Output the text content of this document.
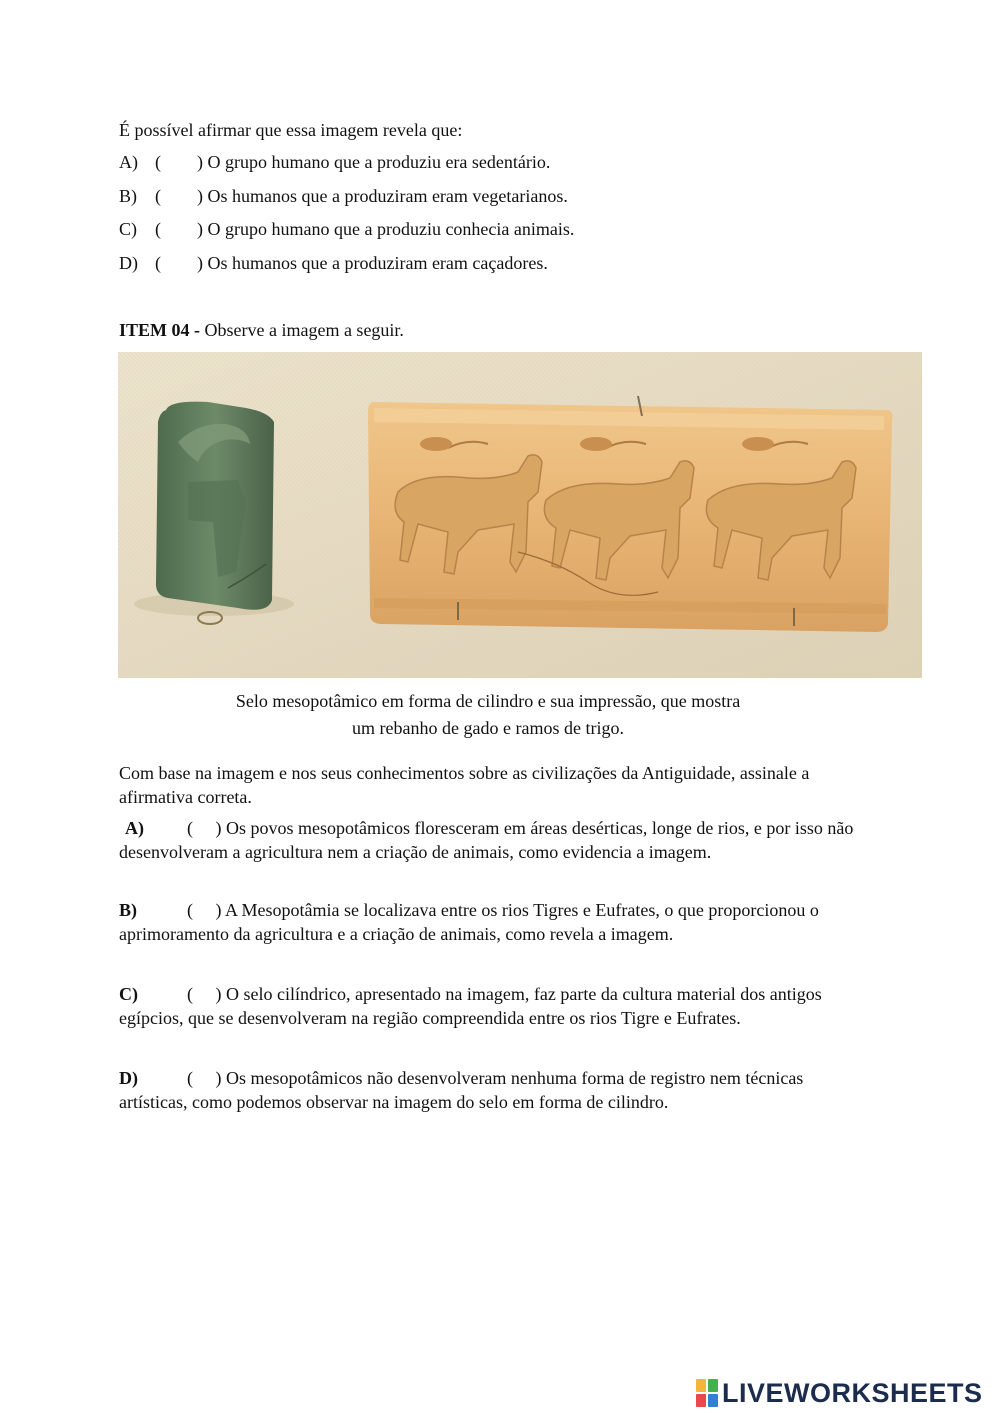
É possível afirmar que essa imagem revela que:
A) ( ) O grupo humano que a produziu era sedentário.
B) ( ) Os humanos que a produziram eram vegetarianos.
C) ( ) O grupo humano que a produziu conhecia animais.
D) ( ) Os humanos que a produziram eram caçadores.
ITEM 04 - Observe a imagem a seguir.
Selo mesopotâmico em forma de cilindro e sua impressão, que mostra
um rebanho de gado e ramos de trigo.
Com base na imagem e nos seus conhecimentos sobre as civilizações da Antiguidade, assinale a afirmativa correta.
A) ( ) Os povos mesopotâmicos floresceram em áreas desérticas, longe de rios, e por isso não desenvolveram a agricultura nem a criação de animais, como evidencia a imagem.
B)	( ) A Mesopotâmia se localizava entre os rios Tigres e Eufrates, o que proporcionou o aprimoramento da agricultura e a criação de animais, como revela a imagem.
C)	( ) O selo cilíndrico, apresentado na imagem, faz parte da cultura material dos antigos egípcios, que se desenvolveram na região compreendida entre os rios Tigre e Eufrates.
D)	( ) Os mesopotâmicos não desenvolveram nenhuma forma de registro nem técnicas artísticas, como podemos observar na imagem do selo em forma de cilindro.
LIVEWORKSHEETS
